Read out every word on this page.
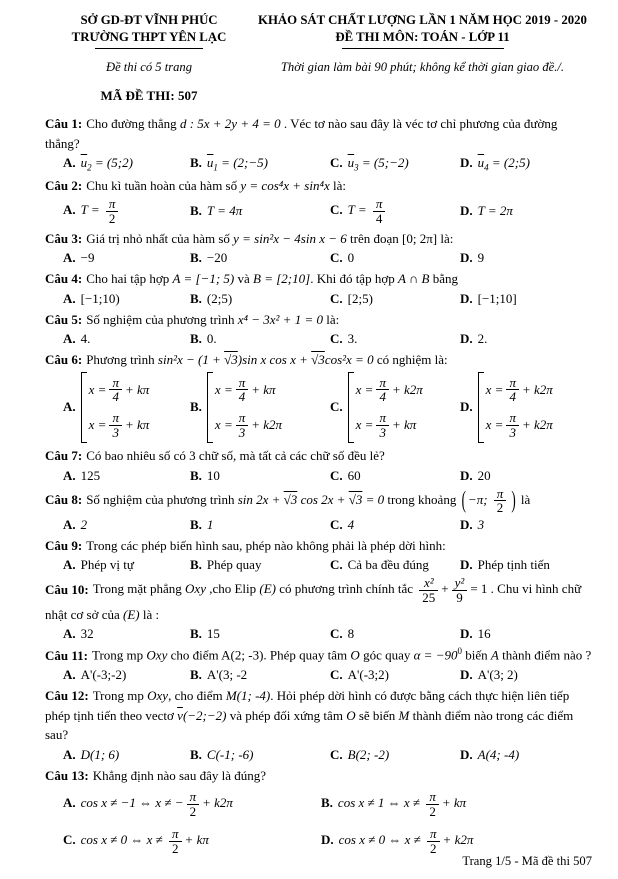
SỞ GD-ĐT VĨNH PHÚC
TRƯỜNG THPT YÊN LẠC
Đề thi có 5 trang
MÃ ĐỀ THI: 507
KHẢO SÁT CHẤT LƯỢNG LẦN 1 NĂM HỌC 2019 - 2020
ĐỀ THI MÔN: TOÁN - LỚP 11
Thời gian làm bài 90 phút; không kể thời gian giao đề./.
Câu 1: Cho đường thẳng d : 5x + 2y + 4 = 0 . Véc tơ nào sau đây là véc tơ chỉ phương của đường thẳng?
A. $\overline{u}_2$ = (5;2)	B. $\overline{u}_1$ = (2;−5)	C. $\overline{u}_3$ = (5;−2)	D. $\overline{u}_4$ = (2;5)
Câu 2: Chu kì tuần hoàn của hàm số y = cos⁴x + sin⁴x là:
A. $T = \frac{\pi}{2}$	B. T = 4π	C. $T = \frac{\pi}{4}$	D. T = 2π
Câu 3: Giá trị nhỏ nhất của hàm số y = sin²x − 4sin x − 6 trên đoạn [0; 2π] là:
A. −9	B. −20	C. 0	D. 9
Câu 4: Cho hai tập hợp A = [−1; 5) và B = [2;10]. Khi đó tập hợp A ∩ B bằng
A. [−1;10)	B. (2;5)	C. [2;5)	D. [−1;10]
Câu 5: Số nghiệm của phương trình x⁴ − 3x² + 1 = 0 là:
A. 4.	B. 0.	C. 3.	D. 2.
Câu 6: Phương trình sin²x − (1 + √3)sin x cos x + √3cos²x = 0 có nghiệm là:
A.
$x = \frac{\pi}{4} + k\pi$
$x = \frac{\pi}{3} + k\pi$
B.
$x = \frac{\pi}{4} + k\pi$
$x = \frac{\pi}{3} + k2\pi$
C.
$x = \frac{\pi}{4} + k2\pi$
$x = \frac{\pi}{3} + k\pi$
D.
$x = \frac{\pi}{4} + k2\pi$
$x = \frac{\pi}{3} + k2\pi$
Câu 7: Có bao nhiêu số có 3 chữ số, mà tất cả các chữ số đều lẻ?
A. 125	B. 10	C. 60	D. 20
Câu 8: Số nghiệm của phương trình sin 2x + √3 cos 2x + √3 = 0 trong khoảng ( −π; $\frac{\pi}{2}$ ) là
A. 2	B. 1	C. 4	D. 3
Câu 9: Trong các phép biến hình sau, phép nào không phải là phép dời hình:
A. Phép vị tự	B. Phép quay	C. Cả ba đều đúng	D. Phép tịnh tiến
Câu 10: Trong mặt phẳng Oxy ,cho Elip (E) có phương trình chính tắc $\frac{\text{x²}}{25} + \frac{\text{y²}}{9} = 1$ . Chu vi hình chữ nhật cơ sở của (E) là :
A. 32	B. 15	C. 8	D. 16
Câu 11: Trong mp Oxy cho điểm A(2; -3). Phép quay tâm O góc quay $\alpha = -90^0$ biến A thành điểm nào ?
A. A'(-3;-2)	B. A'(3; -2	C. A'(-3;2)	D. A'(3; 2)
Câu 12: Trong mp Oxy, cho điểm M(1; -4). Hỏi phép dời hình có được bằng cách thực hiện liên tiếp phép tịnh tiến theo vectơ $\overline{v}(-2;-2)$ và phép đối xứng tâm O sẽ biến M thành điểm nào trong các điểm sau?
A. D(1; 6)	B. C(-1; -6)	C. B(2; -2)	D. A(4; -4)
Câu 13: Khẳng định nào sau đây là đúng?
A. cos x ≠ −1 ⇔ x ≠ − $\frac{\pi}{2} + k2\pi$	B. cos x ≠ 1 ⇔ $x \ne \frac{\pi}{2} + k\pi$
C. cos x ≠ 0 ⇔ $x \ne \frac{\pi}{2} + k\pi$	D. cos x ≠ 0 ⇔ $x \ne \frac{\pi}{2} + k2\pi$
Trang 1/5 - Mã đề thi 507
